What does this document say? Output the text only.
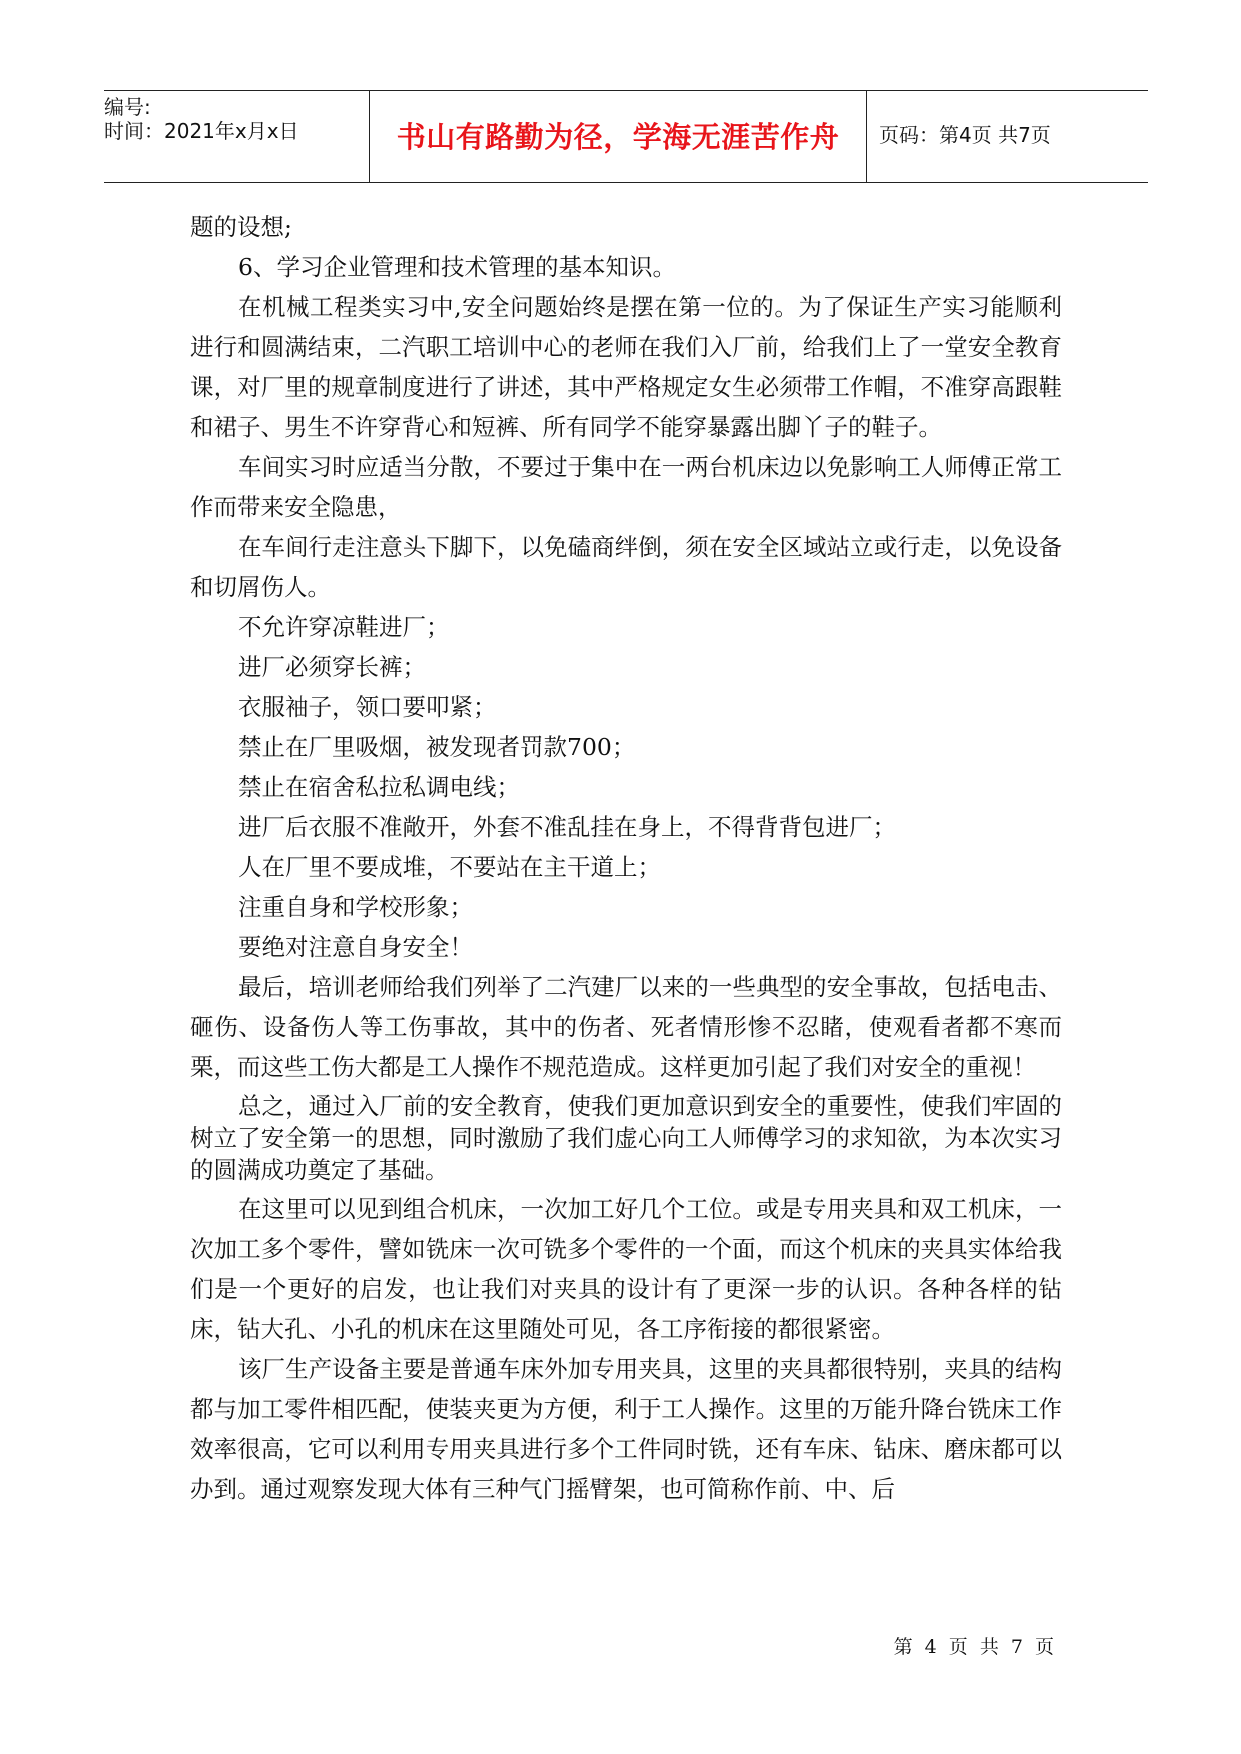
编号:
时间：2021年x月x日	书山有路勤为径，学海无涯苦作舟	页码：第4页 共7页

题的设想;

6、学习企业管理和技术管理的基本知识。

在机械工程类实习中,安全问题始终是摆在第一位的。为了保证生产实习能顺利进行和圆满结束，二汽职工培训中心的老师在我们入厂前，给我们上了一堂安全教育课，对厂里的规章制度进行了讲述，其中严格规定女生必须带工作帽，不准穿高跟鞋和裙子、男生不许穿背心和短裤、所有同学不能穿暴露出脚丫子的鞋子。

车间实习时应适当分散，不要过于集中在一两台机床边以免影响工人师傅正常工作而带来安全隐患，

在车间行走注意头下脚下，以免磕商绊倒，须在安全区域站立或行走，以免设备和切屑伤人。

不允许穿凉鞋进厂；

进厂必须穿长裤；

衣服袖子，领口要叩紧；

禁止在厂里吸烟，被发现者罚款700；

禁止在宿舍私拉私调电线；

进厂后衣服不准敞开，外套不准乱挂在身上，不得背背包进厂；

人在厂里不要成堆，不要站在主干道上；

注重自身和学校形象；

要绝对注意自身安全！

最后，培训老师给我们列举了二汽建厂以来的一些典型的安全事故，包括电击、砸伤、设备伤人等工伤事故，其中的伤者、死者情形惨不忍睹，使观看者都不寒而栗，而这些工伤大都是工人操作不规范造成。这样更加引起了我们对安全的重视！

总之，通过入厂前的安全教育，使我们更加意识到安全的重要性，使我们牢固的树立了安全第一的思想，同时激励了我们虚心向工人师傅学习的求知欲，为本次实习的圆满成功奠定了基础。

在这里可以见到组合机床，一次加工好几个工位。或是专用夹具和双工机床，一次加工多个零件，譬如铣床一次可铣多个零件的一个面，而这个机床的夹具实体给我们是一个更好的启发，也让我们对夹具的设计有了更深一步的认识。各种各样的钻床，钻大孔、小孔的机床在这里随处可见，各工序衔接的都很紧密。

该厂生产设备主要是普通车床外加专用夹具，这里的夹具都很特别，夹具的结构都与加工零件相匹配，使装夹更为方便，利于工人操作。这里的万能升降台铣床工作效率很高，它可以利用专用夹具进行多个工件同时铣，还有车床、钻床、磨床都可以办到。通过观察发现大体有三种气门摇臂架，也可简称作前、中、后

第 4 页 共 7 页
